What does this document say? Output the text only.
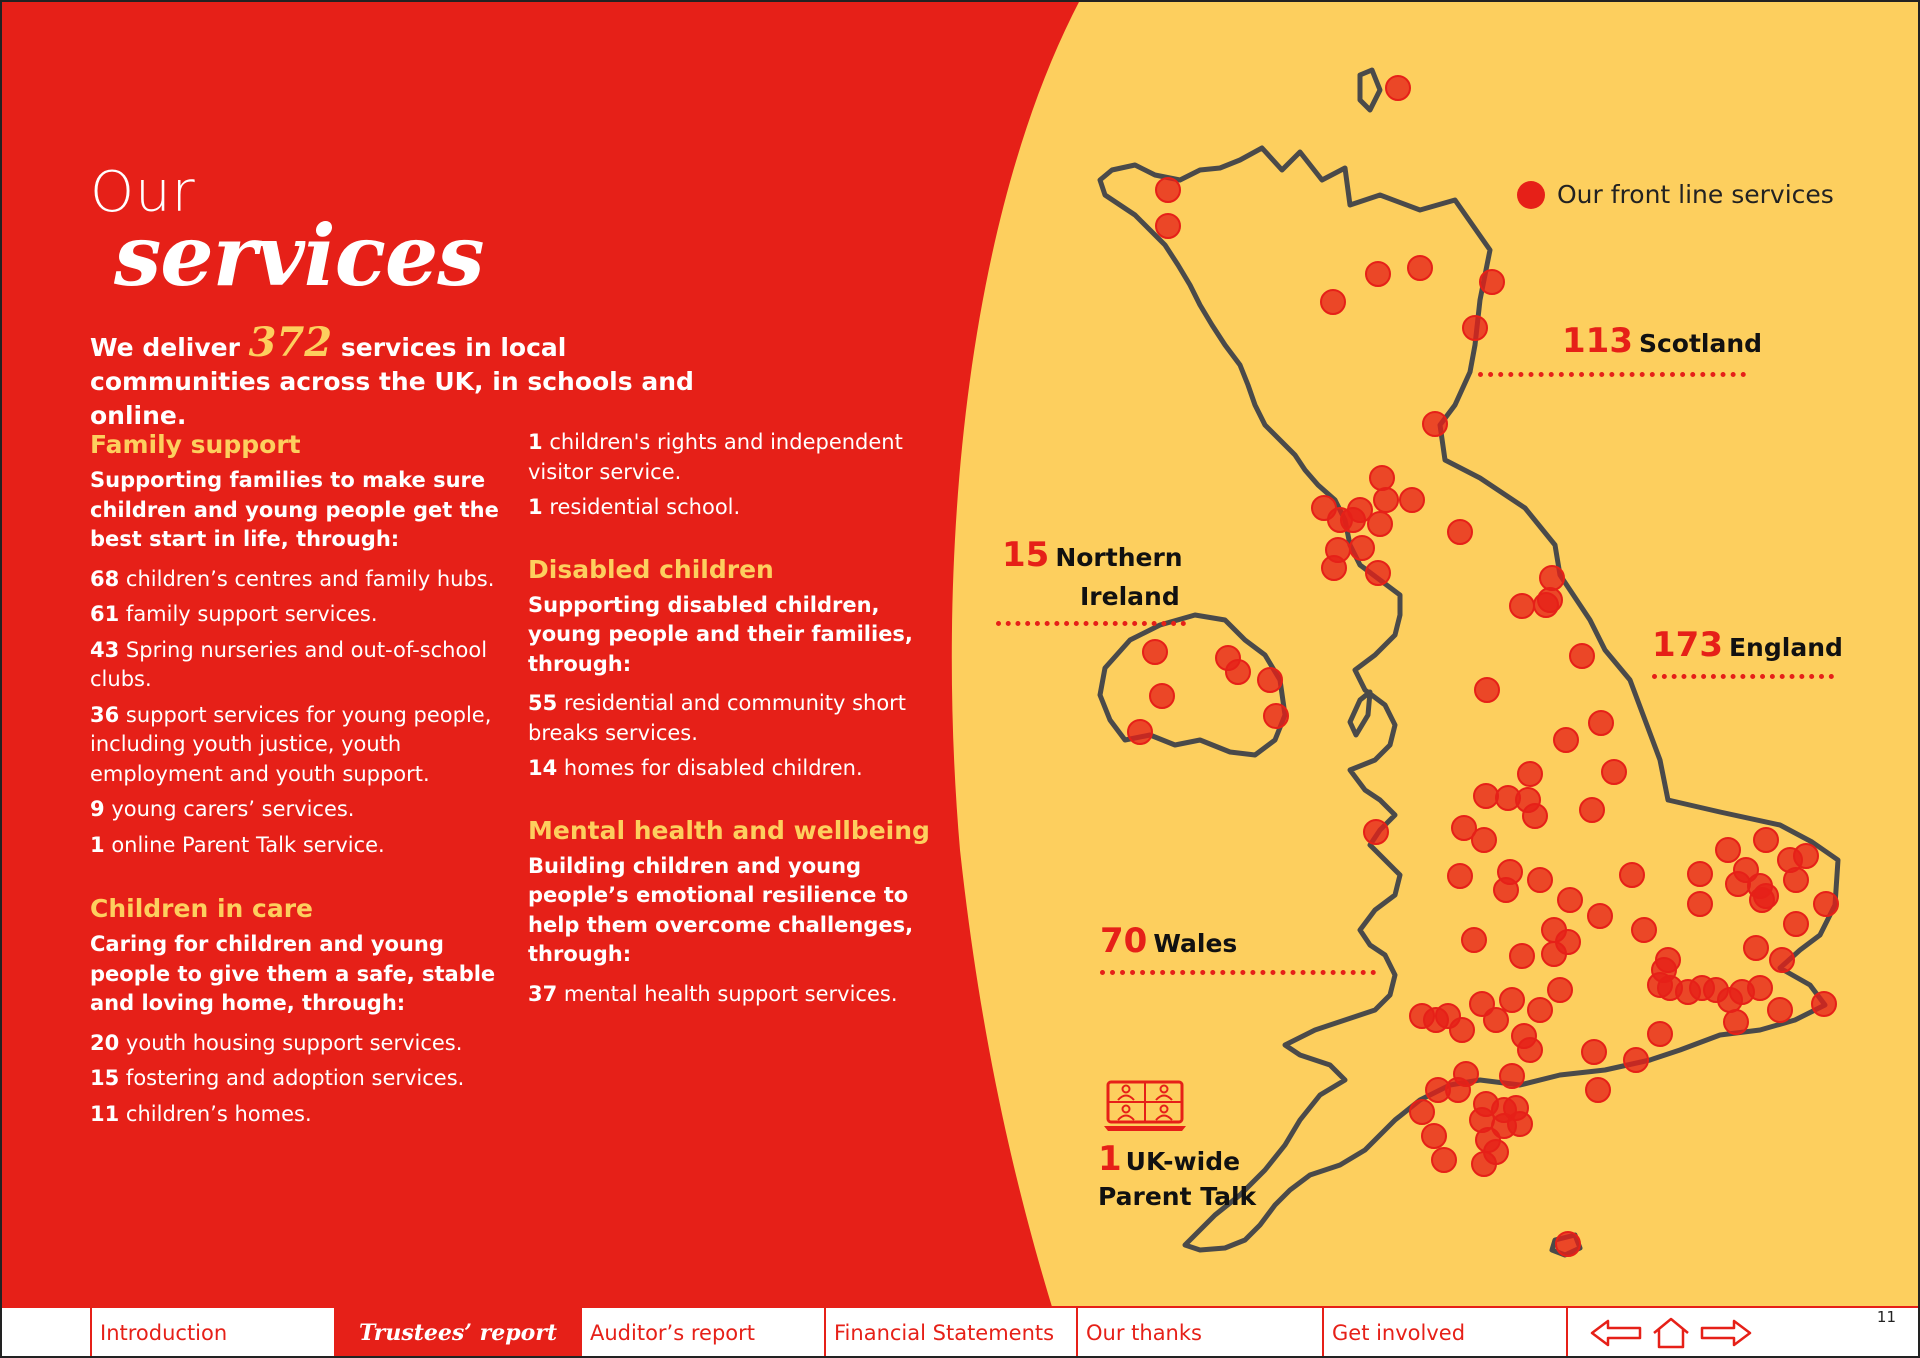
Our
services
We deliver 372 services in local communities across the UK, in schools and online.
Family support
Supporting families to make sure children and young people get the best start in life, through:
68 children’s centres and family hubs.
61 family support services.
43 Spring nurseries and out-of-school clubs.
36 support services for young people, including youth justice, youth employment and youth support.
9 young carers’ services.
1 online Parent Talk service.
Children in care
Caring for children and young people to give them a safe, stable and loving home, through:
20 youth housing support services.
15 fostering and adoption services.
11 children’s homes.
1 children's rights and independent visitor service.
1 residential school.
Disabled children
Supporting disabled children, young people and their families, through:
55 residential and community short breaks services.
14 homes for disabled children.
Mental health and wellbeing
Building children and young people’s emotional resilience to help them overcome challenges, through:
37 mental health support services.
Our front line services
113 Scotland
15 Northern
Ireland
173 England
70 Wales
1 UK-wide
Parent Talk
Introduction	Trustees’ report	Auditor’s report	Financial Statements	Our thanks	Get involved
11
